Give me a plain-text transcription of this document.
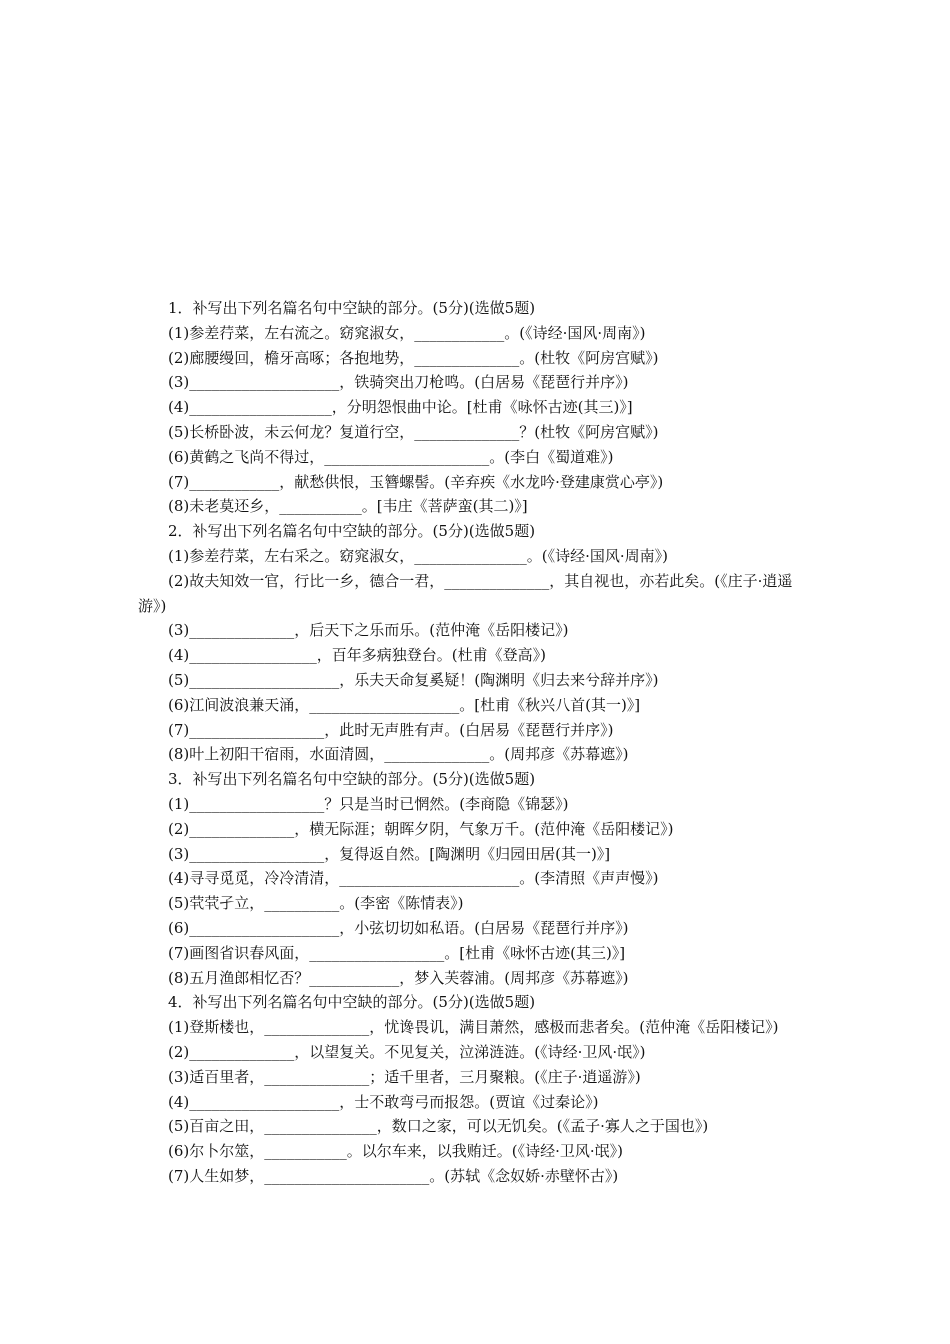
1．补写出下列名篇名句中空缺的部分。(5分)(选做5题)
(1)参差荇菜，左右流之。窈窕淑女，____________。(《诗经·国风·周南》)
(2)廊腰缦回，檐牙高啄；各抱地势，______________。(杜牧《阿房宫赋》)
(3)____________________，铁骑突出刀枪鸣。(白居易《琵琶行并序》)
(4)___________________，分明怨恨曲中论。[杜甫《咏怀古迹(其三)》]
(5)长桥卧波，未云何龙？复道行空，______________？(杜牧《阿房宫赋》)
(6)黄鹤之飞尚不得过，______________________。(李白《蜀道难》)
(7)____________，献愁供恨，玉簪螺髻。(辛弃疾《水龙吟·登建康赏心亭》)
(8)未老莫还乡，___________。[韦庄《菩萨蛮(其二)》]
2．补写出下列名篇名句中空缺的部分。(5分)(选做5题)
(1)参差荇菜，左右采之。窈窕淑女，_______________。(《诗经·国风·周南》)
(2)故夫知效一官，行比一乡，德合一君，______________，其自视也，亦若此矣。(《庄子·逍遥游》)
(3)______________，后天下之乐而乐。(范仲淹《岳阳楼记》)
(4)_________________，百年多病独登台。(杜甫《登高》)
(5)____________________，乐夫天命复奚疑！(陶渊明《归去来兮辞并序》)
(6)江间波浪兼天涌，____________________。[杜甫《秋兴八首(其一)》]
(7)__________________，此时无声胜有声。(白居易《琵琶行并序》)
(8)叶上初阳干宿雨，水面清圆，______________。(周邦彦《苏幕遮》)
3．补写出下列名篇名句中空缺的部分。(5分)(选做5题)
(1)__________________？只是当时已惘然。(李商隐《锦瑟》)
(2)______________，横无际涯；朝晖夕阴，气象万千。(范仲淹《岳阳楼记》)
(3)__________________，复得返自然。[陶渊明《归园田居(其一)》]
(4)寻寻觅觅，冷冷清清，________________________。(李清照《声声慢》)
(5)茕茕孑立，__________。(李密《陈情表》)
(6)____________________，小弦切切如私语。(白居易《琵琶行并序》)
(7)画图省识春风面，__________________。[杜甫《咏怀古迹(其三)》]
(8)五月渔郎相忆否？____________，梦入芙蓉浦。(周邦彦《苏幕遮》)
4．补写出下列名篇名句中空缺的部分。(5分)(选做5题)
(1)登斯楼也，______________，忧谗畏讥，满目萧然，感极而悲者矣。(范仲淹《岳阳楼记》)
(2)______________，以望复关。不见复关，泣涕涟涟。(《诗经·卫风·氓》)
(3)适百里者，______________；适千里者，三月聚粮。(《庄子·逍遥游》)
(4)____________________，士不敢弯弓而报怨。(贾谊《过秦论》)
(5)百亩之田，_______________，数口之家，可以无饥矣。(《孟子·寡人之于国也》)
(6)尔卜尔筮，___________。以尔车来，以我贿迁。(《诗经·卫风·氓》)
(7)人生如梦，______________________。(苏轼《念奴娇·赤壁怀古》)
